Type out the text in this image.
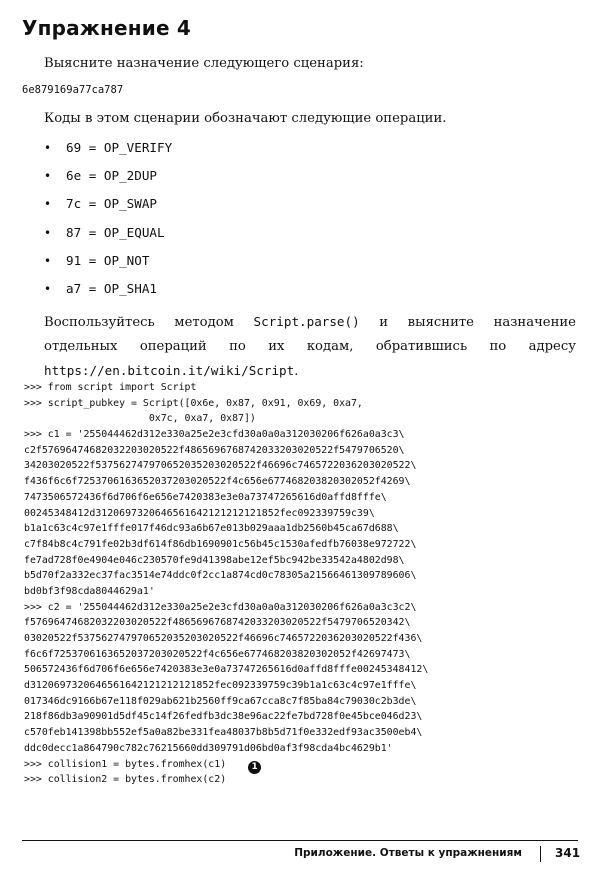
Упражнение 4

Выясните назначение следующего сценария:

6e879169a77ca787

Коды в этом сценарии обозначают следующие операции.

• 69 = OP_VERIFY
• 6e = OP_2DUP
• 7c = OP_SWAP
• 87 = OP_EQUAL
• 91 = OP_NOT
• a7 = OP_SHA1

Воспользуйтесь методом Script.parse() и выясните назначение отдельных операций по их кодам, обратившись по адресу https://en.bitcoin.it/wiki/Script.

>>> from script import Script
>>> script_pubkey = Script([0x6e, 0x87, 0x91, 0x69, 0xa7,
0x7c, 0xa7, 0x87])
>>> c1 = '255044462d312e330a25e2e3cfd30a0a0a312030206f626a0a3c3\
c2f57696474682032203020522f4865696768742033203020522f5479706520\
34203020522f537562747970652035203020522f46696c7465722036203020522\
f436f6c6f7253706163652037203020522f4c656e677468203820302052f4269\
7473506572436f6d706f6e656e7420383e3e0a73747265616d0affd8fffe\
00245348412d3120697320646561642121212121852fec092339759c39\
b1a1c63c4c97e1fffe017f46dc93a6b67e013b029aaa1db2560b45ca67d688\
c7f84b8c4c791fe02b3df614f86db1690901c56b45c1530afedfb76038e972722\
fe7ad728f0e4904e046c230570fe9d41398abe12ef5bc942be33542a4802d98\
b5d70f2a332ec37fac3514e74ddc0f2cc1a874cd0c78305a21566461309789606\
bd0bf3f98cda8044629a1'
>>> c2 = '255044462d312e330a25e2e3cfd30a0a0a312030206f626a0a3c3c2\
f57696474682032203020522f4865696768742033203020522f5479706520342\
03020522f537562747970652035203020522f46696c7465722036203020522f436\
f6c6f7253706163652037203020522f4c656e677468203820302052f42697473\
506572436f6d706f6e656e7420383e3e0a73747265616d0affd8fffe00245348412\
d3120697320646561642121212121852fec092339759c39b1a1c63c4c97e1fffe\
017346dc9166b67e118f029ab621b2560ff9ca67cca8c7f85ba84c79030c2b3de\
218f86db3a90901d5df45c14f26fedfb3dc38e96ac22fe7bd728f0e45bce046d23\
c570feb141398bb552ef5a0a82be331fea48037b8b5d71f0e332edf93ac3500eb4\
ddc0decc1a864790c782c76215660dd309791d06bd0af3f98cda4bc4629b1'
>>> collision1 = bytes.fromhex(c1)	1
>>> collision2 = bytes.fromhex(c2)

Приложение. Ответы к упражнениям	341
